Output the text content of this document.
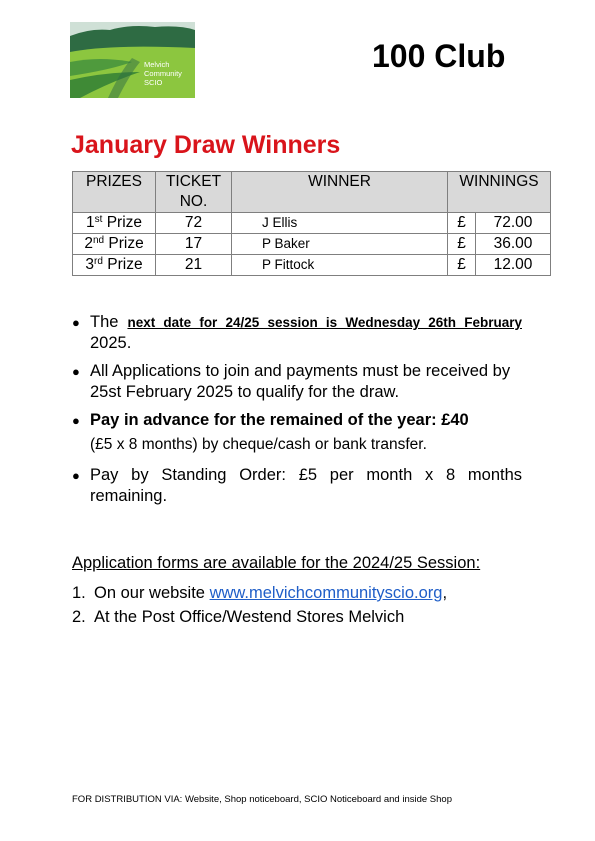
Melvich
Community
SCIO
100 Club
January Draw Winners
PRIZES	TICKET NO.	WINNER	WINNINGS	
1st Prize	72	J Ellis	£	72.00
2nd Prize	17	P Baker	£	36.00
3rd Prize	21	P Fittock	£	12.00
● The next date for 24/25 session is Wednesday 26th February 2025.
● All Applications to join and payments must be received by 25st February 2025 to qualify for the draw.
● Pay in advance for the remained of the year: £40
(£5 x 8 months) by cheque/cash or bank transfer.
● Pay by Standing Order: £5 per month x 8 months remaining.
Application forms are available for the 2024/25 Session:
1. On our website www.melvichcommunityscio.org,
2. At the Post Office/Westend Stores Melvich
FOR DISTRIBUTION VIA: Website, Shop noticeboard, SCIO Noticeboard and inside Shop
